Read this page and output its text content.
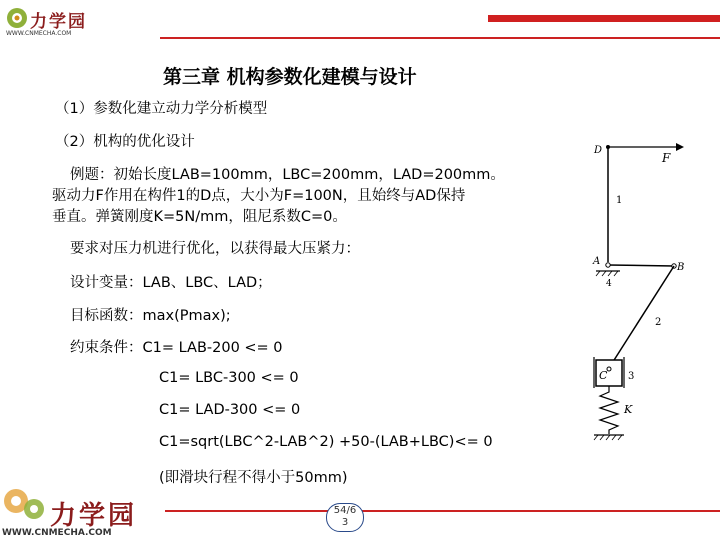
力学园
WWW.CNMECHA.COM
第三章 机构参数化建模与设计
（1）参数化建立动力学分析模型
（2）机构的优化设计
例题：初始长度LAB=100mm，LBC=200mm，LAD=200mm。
驱动力F作用在构件1的D点，大小为F=100N，且始终与AD保持
垂直。弹簧刚度K=5N/mm，阻尼系数C=0。
要求对压力机进行优化，以获得最大压紧力：
设计变量：LAB、LBC、LAD；
目标函数：max(Pmax);
约束条件：C1= LAB-200 <= 0
C1= LBC-300 <= 0
C1= LAD-300 <= 0
C1=sqrt(LBC^2-LAB^2) +50-(LAB+LBC)<= 0
(即滑块行程不得小于50mm)
D
F
1
A
B
4
2
C 3
K
力学园
WWW.CNMECHA.COM
54/6
3
